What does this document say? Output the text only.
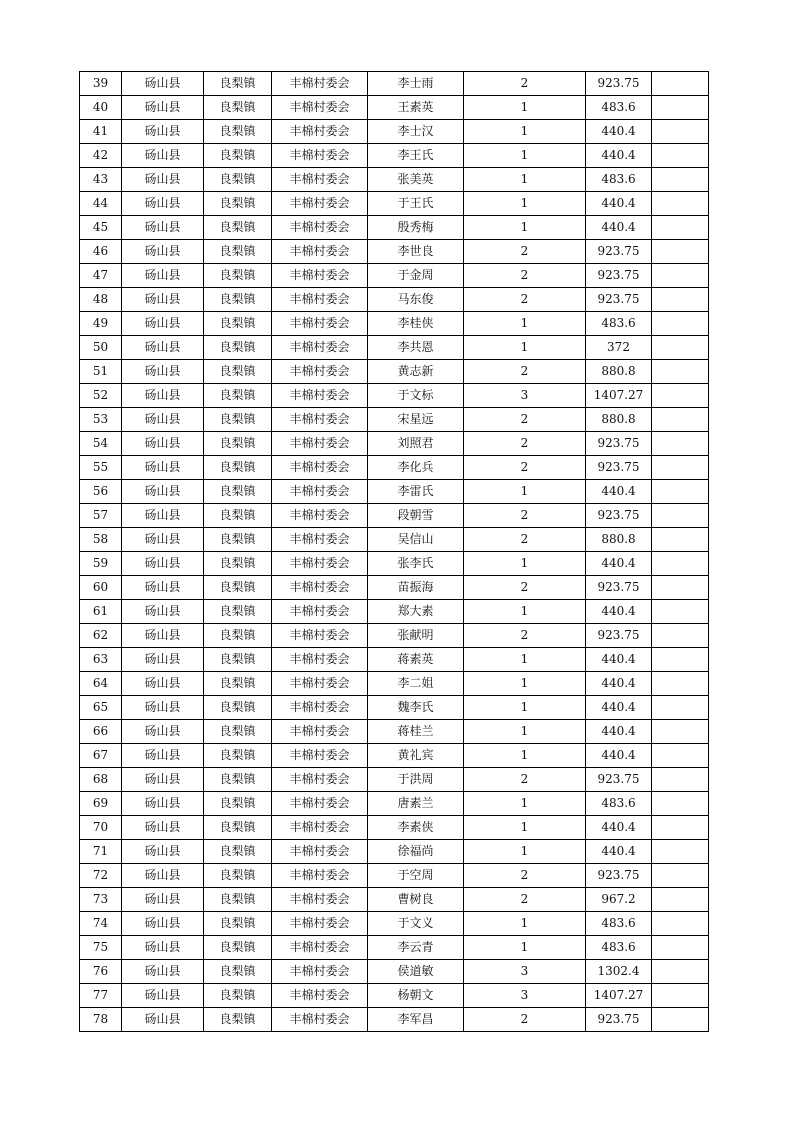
39	砀山县	良梨镇	丰棉村委会	李士雨	2	923.75	
40	砀山县	良梨镇	丰棉村委会	王素英	1	483.6	
41	砀山县	良梨镇	丰棉村委会	李士汉	1	440.4	
42	砀山县	良梨镇	丰棉村委会	李王氏	1	440.4	
43	砀山县	良梨镇	丰棉村委会	张美英	1	483.6	
44	砀山县	良梨镇	丰棉村委会	于王氏	1	440.4	
45	砀山县	良梨镇	丰棉村委会	殷秀梅	1	440.4	
46	砀山县	良梨镇	丰棉村委会	李世良	2	923.75	
47	砀山县	良梨镇	丰棉村委会	于金周	2	923.75	
48	砀山县	良梨镇	丰棉村委会	马东俊	2	923.75	
49	砀山县	良梨镇	丰棉村委会	李桂侠	1	483.6	
50	砀山县	良梨镇	丰棉村委会	李共恩	1	372	
51	砀山县	良梨镇	丰棉村委会	黄志新	2	880.8	
52	砀山县	良梨镇	丰棉村委会	于文标	3	1407.27	
53	砀山县	良梨镇	丰棉村委会	宋星远	2	880.8	
54	砀山县	良梨镇	丰棉村委会	刘照君	2	923.75	
55	砀山县	良梨镇	丰棉村委会	李化兵	2	923.75	
56	砀山县	良梨镇	丰棉村委会	李雷氏	1	440.4	
57	砀山县	良梨镇	丰棉村委会	段朝雪	2	923.75	
58	砀山县	良梨镇	丰棉村委会	吴信山	2	880.8	
59	砀山县	良梨镇	丰棉村委会	张李氏	1	440.4	
60	砀山县	良梨镇	丰棉村委会	苗振海	2	923.75	
61	砀山县	良梨镇	丰棉村委会	郑大素	1	440.4	
62	砀山县	良梨镇	丰棉村委会	张献明	2	923.75	
63	砀山县	良梨镇	丰棉村委会	蒋素英	1	440.4	
64	砀山县	良梨镇	丰棉村委会	李二姐	1	440.4	
65	砀山县	良梨镇	丰棉村委会	魏李氏	1	440.4	
66	砀山县	良梨镇	丰棉村委会	蒋桂兰	1	440.4	
67	砀山县	良梨镇	丰棉村委会	黄礼宾	1	440.4	
68	砀山县	良梨镇	丰棉村委会	于洪周	2	923.75	
69	砀山县	良梨镇	丰棉村委会	唐素兰	1	483.6	
70	砀山县	良梨镇	丰棉村委会	李素侠	1	440.4	
71	砀山县	良梨镇	丰棉村委会	徐福尚	1	440.4	
72	砀山县	良梨镇	丰棉村委会	于空周	2	923.75	
73	砀山县	良梨镇	丰棉村委会	曹树良	2	967.2	
74	砀山县	良梨镇	丰棉村委会	于文义	1	483.6	
75	砀山县	良梨镇	丰棉村委会	李云青	1	483.6	
76	砀山县	良梨镇	丰棉村委会	侯道敏	3	1302.4	
77	砀山县	良梨镇	丰棉村委会	杨朝文	3	1407.27	
78	砀山县	良梨镇	丰棉村委会	李军昌	2	923.75	
